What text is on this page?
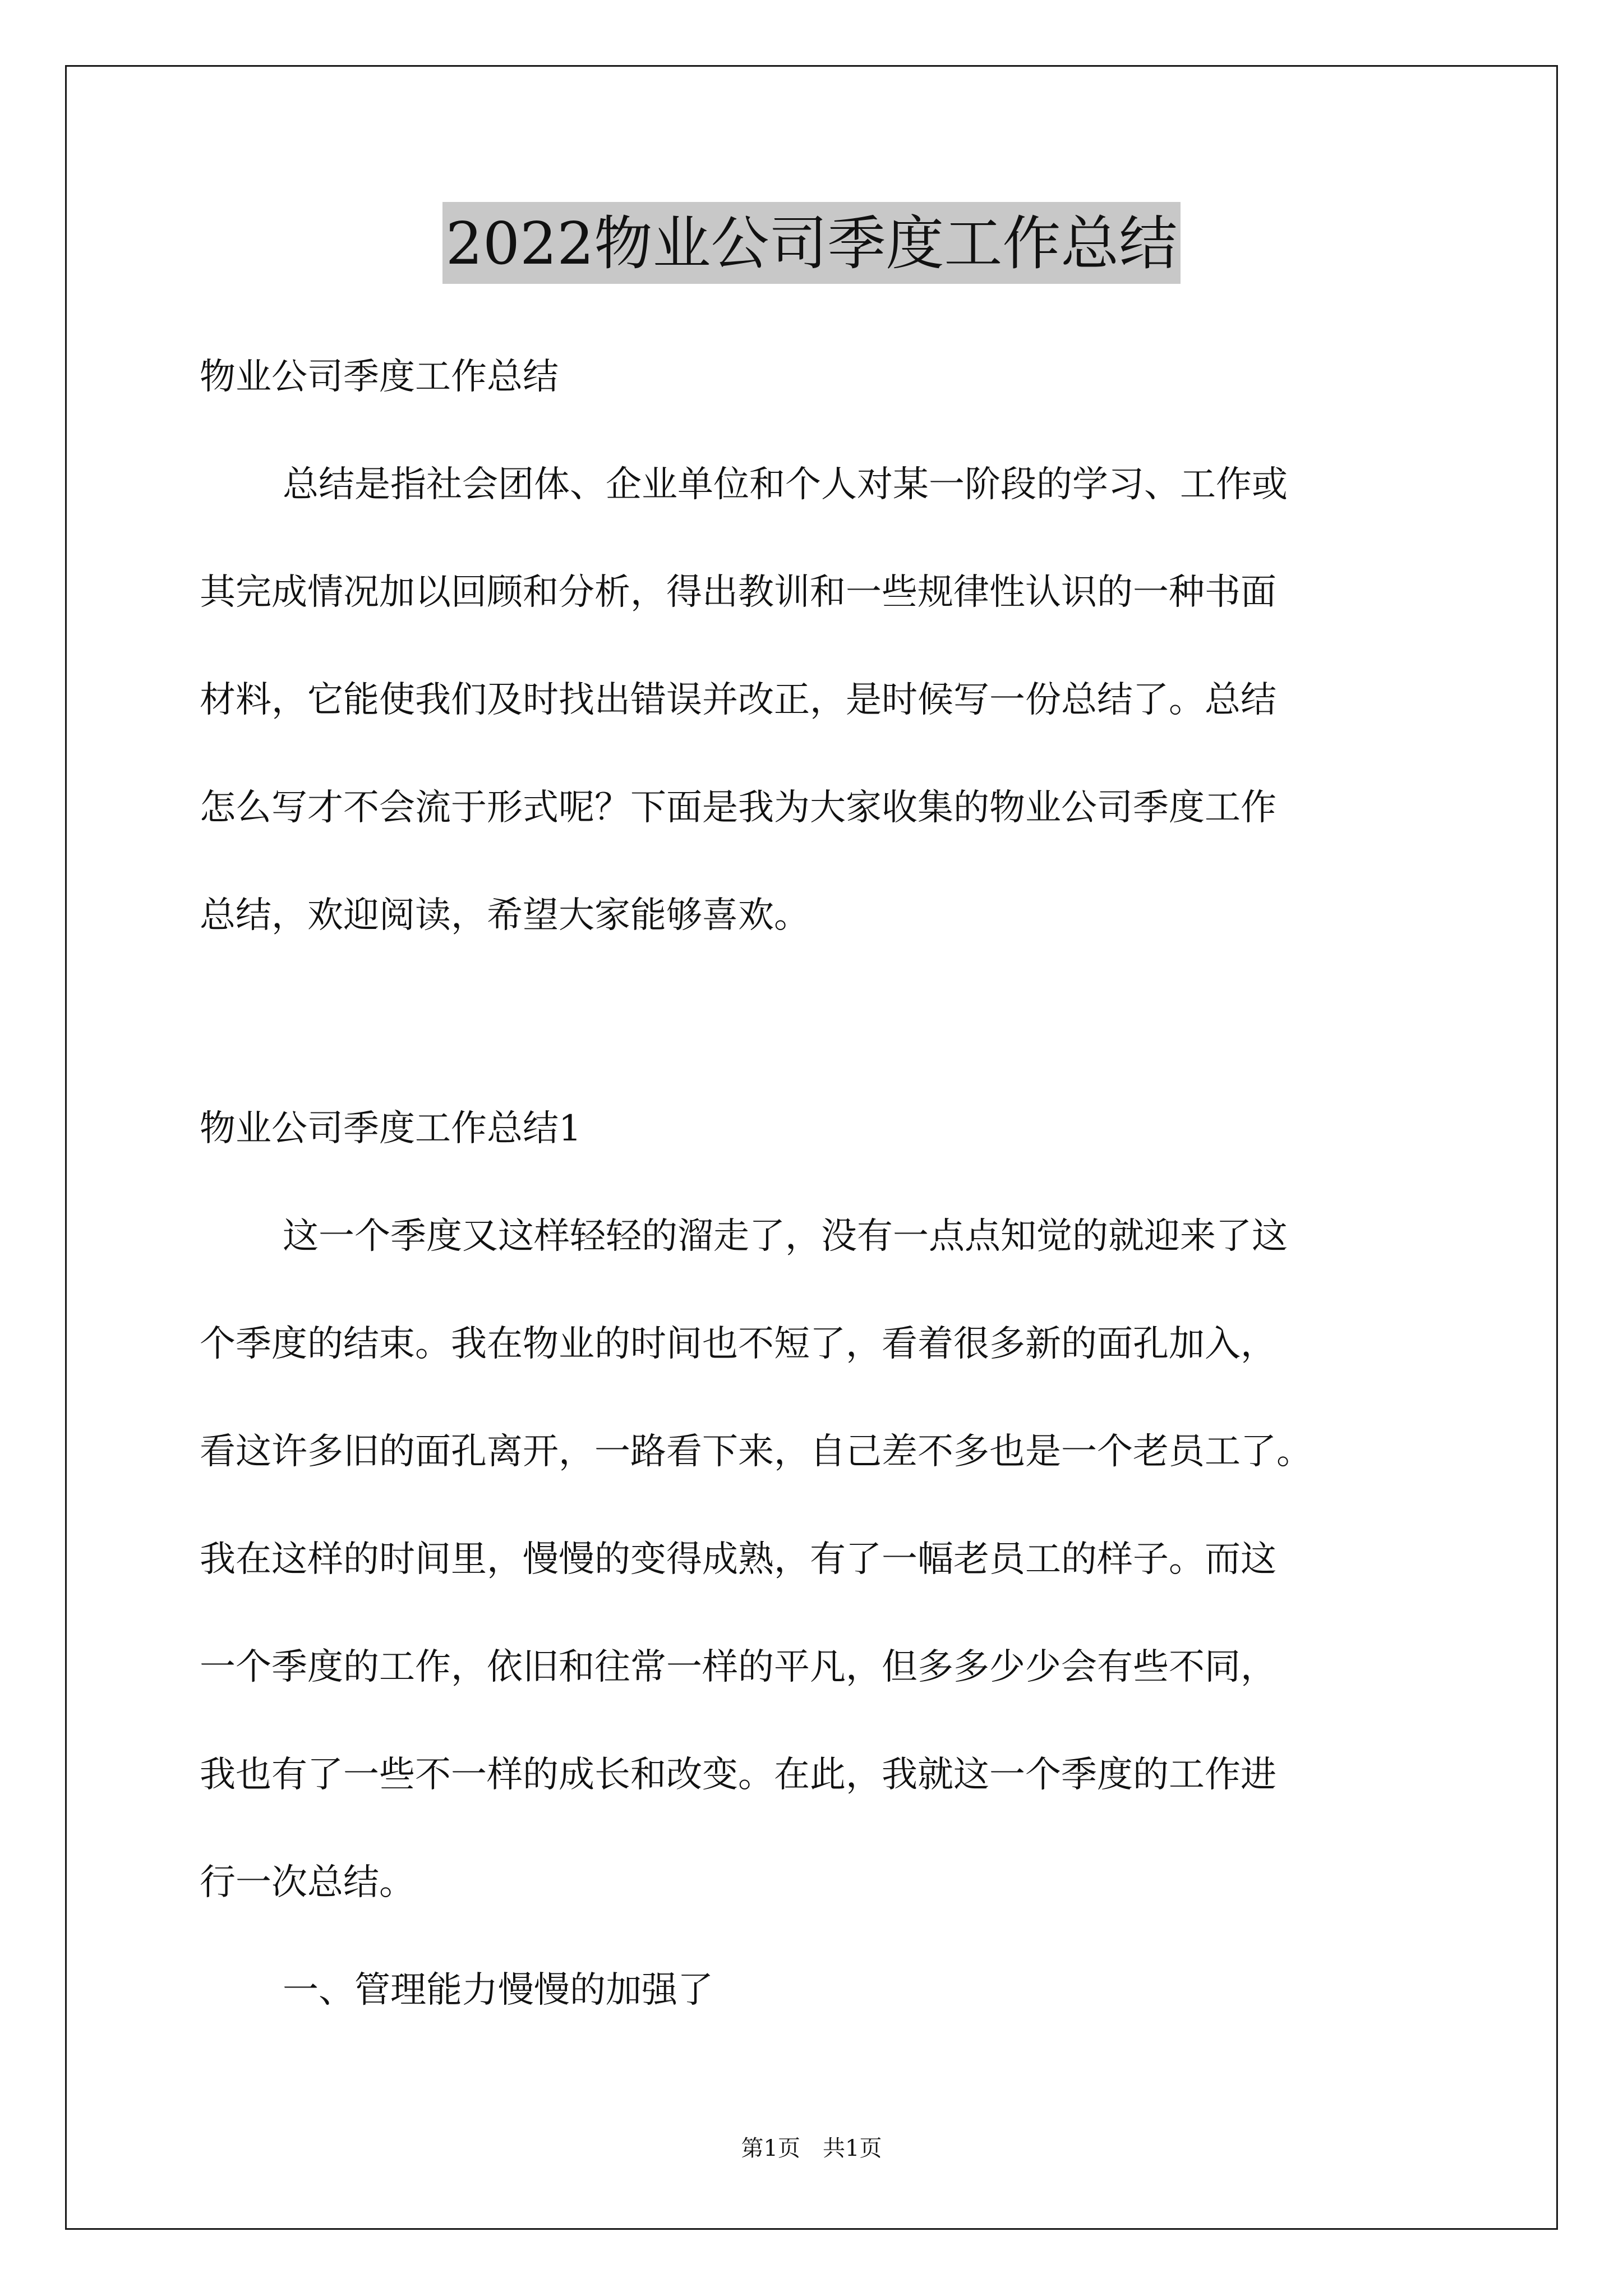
2022物业公司季度工作总结
物业公司季度工作总结
总结是指社会团体、企业单位和个人对某一阶段的学习、工作或
其完成情况加以回顾和分析，得出教训和一些规律性认识的一种书面
材料，它能使我们及时找出错误并改正，是时候写一份总结了。总结
怎么写才不会流于形式呢？下面是我为大家收集的物业公司季度工作
总结，欢迎阅读，希望大家能够喜欢。
物业公司季度工作总结1
这一个季度又这样轻轻的溜走了，没有一点点知觉的就迎来了这
个季度的结束。我在物业的时间也不短了，看着很多新的面孔加入，
看这许多旧的面孔离开，一路看下来，自己差不多也是一个老员工了。
我在这样的时间里，慢慢的变得成熟，有了一幅老员工的样子。而这
一个季度的工作，依旧和往常一样的平凡，但多多少少会有些不同，
我也有了一些不一样的成长和改变。在此，我就这一个季度的工作进
行一次总结。
一、管理能力慢慢的加强了
第1页　共1页
